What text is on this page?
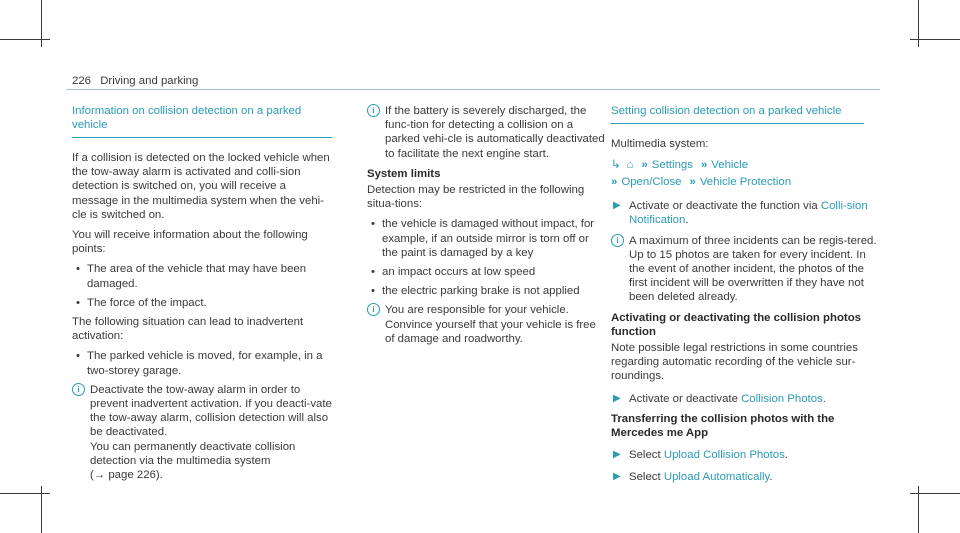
226 Driving and parking
Information on collision detection on a parked vehicle

If a collision is detected on the locked vehicle when the tow-away alarm is activated and colli-sion detection is switched on, you will receive a message in the multimedia system when the vehi-cle is switched on.

You will receive information about the following points:

• The area of the vehicle that may have been damaged.
• The force of the impact.

The following situation can lead to inadvertent activation:

• The parked vehicle is moved, for example, in a two-storey garage.
i Deactivate the tow-away alarm in order to prevent inadvertent activation. If you deacti-vate the tow-away alarm, collision detection will also be deactivated.
You can permanently deactivate collision detection via the multimedia system
(→ page 226).
i If the battery is severely discharged, the func-tion for detecting a collision on a parked vehi-cle is automatically deactivated to facilitate the next engine start.
System limits

Detection may be restricted in the following situa-tions:

• the vehicle is damaged without impact, for example, if an outside mirror is torn off or the paint is damaged by a key
• an impact occurs at low speed
• the electric parking brake is not applied
i You are responsible for your vehicle. Convince yourself that your vehicle is free of damage and roadworthy.
Setting collision detection on a parked vehicle

Multimedia system:

↳ ⌂ » Settings » Vehicle
» Open/Close » Vehicle Protection
▶ Activate or deactivate the function via Colli-sion Notification.
i A maximum of three incidents can be regis-tered. Up to 15 photos are taken for every incident. In the event of another incident, the photos of the first incident will be overwritten if they have not been deleted already.
Activating or deactivating the collision photos function

Note possible legal restrictions in some countries regarding automatic recording of the vehicle sur-roundings.

▶ Activate or deactivate Collision Photos.
Transferring the collision photos with the Mercedes me App
▶ Select Upload Collision Photos.
▶ Select Upload Automatically.
